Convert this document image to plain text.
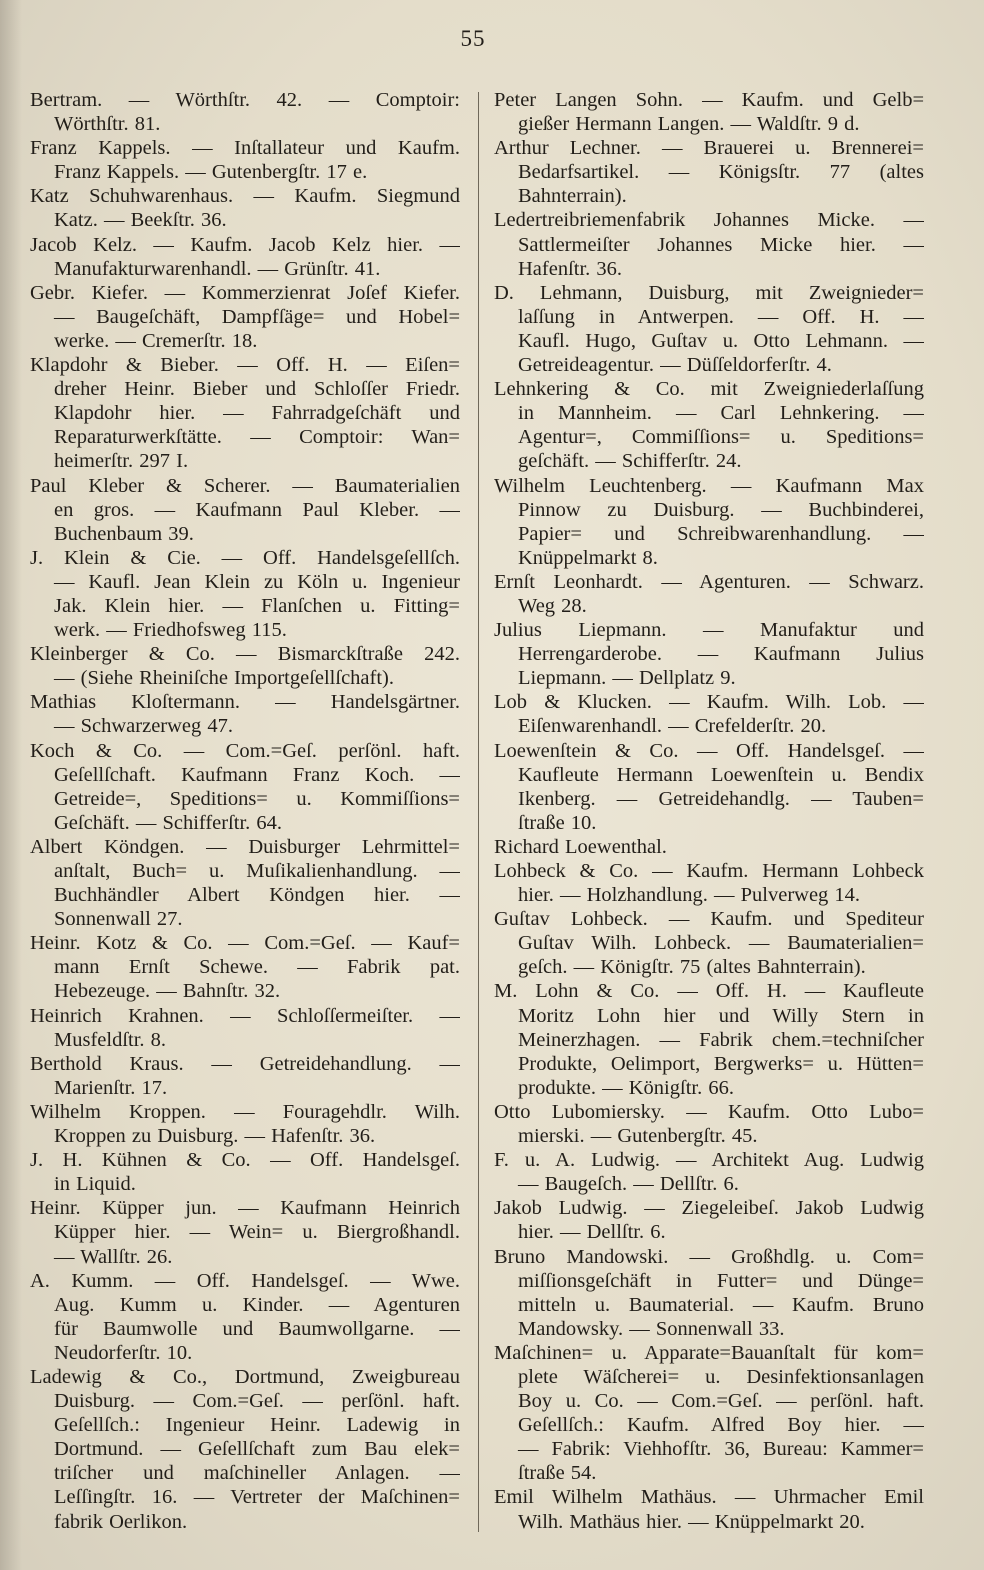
55
Bertram. — Wörthſtr. 42. — Comptoir:
Wörthſtr. 81.
Franz Kappels. — Inſtallateur und Kaufm.
Franz Kappels. — Gutenbergſtr. 17 e.
Katz Schuhwarenhaus. — Kaufm. Siegmund
Katz. — Beekſtr. 36.
Jacob Kelz. — Kaufm. Jacob Kelz hier. —
Manufakturwarenhandl. — Grünſtr. 41.
Gebr. Kiefer. — Kommerzienrat Joſef Kiefer.
— Baugeſchäft, Dampfſäge= und Hobel=
werke. — Cremerſtr. 18.
Klapdohr & Bieber. — Off. H. — Eiſen=
dreher Heinr. Bieber und Schloſſer Friedr.
Klapdohr hier. — Fahrradgeſchäft und
Reparaturwerkſtätte. — Comptoir: Wan=
heimerſtr. 297 I.
Paul Kleber & Scherer. — Baumaterialien
en gros. — Kaufmann Paul Kleber. —
Buchenbaum 39.
J. Klein & Cie. — Off. Handelsgeſellſch.
— Kaufl. Jean Klein zu Köln u. Ingenieur
Jak. Klein hier. — Flanſchen u. Fitting=
werk. — Friedhofsweg 115.
Kleinberger & Co. — Bismarckſtraße 242.
— (Siehe Rheiniſche Importgeſellſchaft).
Mathias Kloſtermann. — Handelsgärtner.
— Schwarzerweg 47.
Koch & Co. — Com.=Geſ. perſönl. haft.
Geſellſchaft. Kaufmann Franz Koch. —
Getreide=, Speditions= u. Kommiſſions=
Geſchäft. — Schifferſtr. 64.
Albert Köndgen. — Duisburger Lehrmittel=
anſtalt, Buch= u. Muſikalienhandlung. —
Buchhändler Albert Köndgen hier. —
Sonnenwall 27.
Heinr. Kotz & Co. — Com.=Geſ. — Kauf=
mann Ernſt Schewe. — Fabrik pat.
Hebezeuge. — Bahnſtr. 32.
Heinrich Krahnen. — Schloſſermeiſter. —
Musfeldſtr. 8.
Berthold Kraus. — Getreidehandlung. —
Marienſtr. 17.
Wilhelm Kroppen. — Fouragehdlr. Wilh.
Kroppen zu Duisburg. — Hafenſtr. 36.
J. H. Kühnen & Co. — Off. Handelsgeſ.
in Liquid.
Heinr. Küpper jun. — Kaufmann Heinrich
Küpper hier. — Wein= u. Biergroßhandl.
— Wallſtr. 26.
A. Kumm. — Off. Handelsgeſ. — Wwe.
Aug. Kumm u. Kinder. — Agenturen
für Baumwolle und Baumwollgarne. —
Neudorferſtr. 10.
Ladewig & Co., Dortmund, Zweigbureau
Duisburg. — Com.=Geſ. — perſönl. haft.
Geſellſch.: Ingenieur Heinr. Ladewig in
Dortmund. — Geſellſchaft zum Bau elek=
triſcher und maſchineller Anlagen. —
Leſſingſtr. 16. — Vertreter der Maſchinen=
fabrik Oerlikon.
Peter Langen Sohn. — Kaufm. und Gelb=
gießer Hermann Langen. — Waldſtr. 9 d.
Arthur Lechner. — Brauerei u. Brennerei=
Bedarfsartikel. — Königsſtr. 77 (altes
Bahnterrain).
Ledertreibriemenfabrik Johannes Micke. —
Sattlermeiſter Johannes Micke hier. —
Hafenſtr. 36.
D. Lehmann, Duisburg, mit Zweignieder=
laſſung in Antwerpen. — Off. H. —
Kaufl. Hugo, Guſtav u. Otto Lehmann. —
Getreideagentur. — Düſſeldorferſtr. 4.
Lehnkering & Co. mit Zweigniederlaſſung
in Mannheim. — Carl Lehnkering. —
Agentur=, Commiſſions= u. Speditions=
geſchäft. — Schifferſtr. 24.
Wilhelm Leuchtenberg. — Kaufmann Max
Pinnow zu Duisburg. — Buchbinderei,
Papier= und Schreibwarenhandlung. —
Knüppelmarkt 8.
Ernſt Leonhardt. — Agenturen. — Schwarz.
Weg 28.
Julius Liepmann. — Manufaktur und
Herrengarderobe. — Kaufmann Julius
Liepmann. — Dellplatz 9.
Lob & Klucken. — Kaufm. Wilh. Lob. —
Eiſenwarenhandl. — Crefelderſtr. 20.
Loewenſtein & Co. — Off. Handelsgeſ. —
Kaufleute Hermann Loewenſtein u. Bendix
Ikenberg. — Getreidehandlg. — Tauben=
ſtraße 10.
Richard Loewenthal.
Lohbeck & Co. — Kaufm. Hermann Lohbeck
hier. — Holzhandlung. — Pulverweg 14.
Guſtav Lohbeck. — Kaufm. und Spediteur
Guſtav Wilh. Lohbeck. — Baumaterialien=
geſch. — Königſtr. 75 (altes Bahnterrain).
M. Lohn & Co. — Off. H. — Kaufleute
Moritz Lohn hier und Willy Stern in
Meinerzhagen. — Fabrik chem.=techniſcher
Produkte, Oelimport, Bergwerks= u. Hütten=
produkte. — Königſtr. 66.
Otto Lubomiersky. — Kaufm. Otto Lubo=
mierski. — Gutenbergſtr. 45.
F. u. A. Ludwig. — Architekt Aug. Ludwig
— Baugeſch. — Dellſtr. 6.
Jakob Ludwig. — Ziegeleibeſ. Jakob Ludwig
hier. — Dellſtr. 6.
Bruno Mandowski. — Großhdlg. u. Com=
miſſionsgeſchäft in Futter= und Dünge=
mitteln u. Baumaterial. — Kaufm. Bruno
Mandowsky. — Sonnenwall 33.
Maſchinen= u. Apparate=Bauanſtalt für kom=
plete Wäſcherei= u. Desinfektionsanlagen
Boy u. Co. — Com.=Geſ. — perſönl. haft.
Geſellſch.: Kaufm. Alfred Boy hier. —
— Fabrik: Viehhofſtr. 36, Bureau: Kammer=
ſtraße 54.
Emil Wilhelm Mathäus. — Uhrmacher Emil
Wilh. Mathäus hier. — Knüppelmarkt 20.
